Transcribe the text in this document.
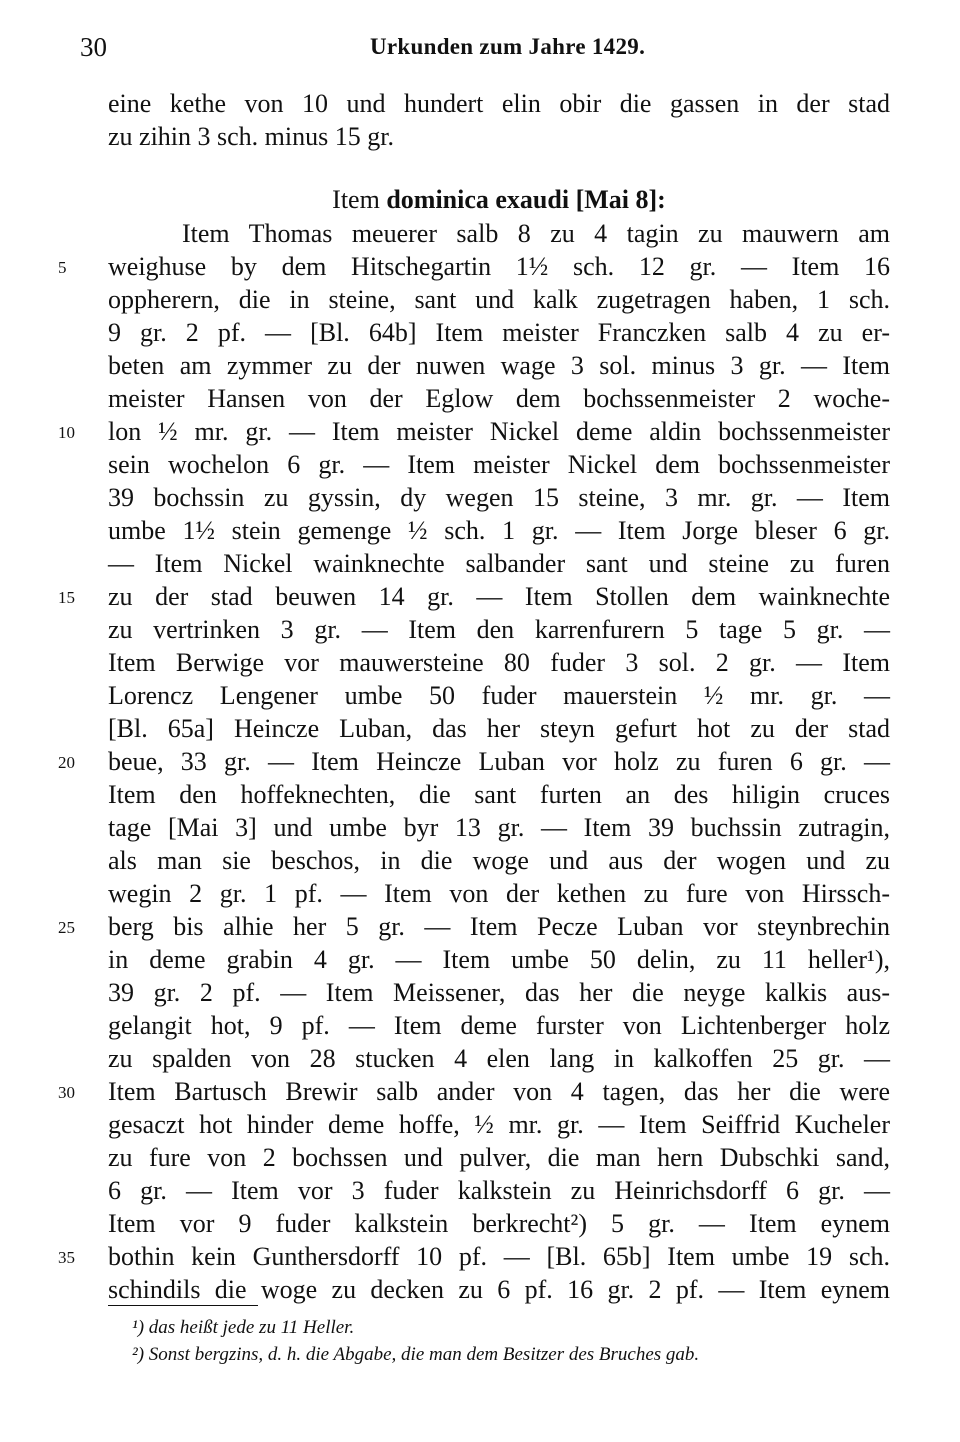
30	Urkunden zum Jahre 1429.
eine kethe von 10 und hundert elin obir die gassen in der stad
zu zihin 3 sch. minus 15 gr.
Item dominica exaudi [Mai 8]:
Item Thomas meuerer salb 8 zu 4 tagin zu mauwern am
weighuse by dem Hitschegartin 1½ sch. 12 gr. — Item 16
oppherern, die in steine, sant und kalk zugetragen haben, 1 sch.
9 gr. 2 pf. — [Bl. 64b] Item meister Franczken salb 4 zu er-
beten am zymmer zu der nuwen wage 3 sol. minus 3 gr. — Item
meister Hansen von der Eglow dem bochssenmeister 2 woche-
lon ½ mr. gr. — Item meister Nickel deme aldin bochssenmeister
sein wochelon 6 gr. — Item meister Nickel dem bochssenmeister
39 bochssin zu gyssin, dy wegen 15 steine, 3 mr. gr. — Item
umbe 1½ stein gemenge ½ sch. 1 gr. — Item Jorge bleser 6 gr.
— Item Nickel wainknechte salbander sant und steine zu furen
zu der stad beuwen 14 gr. — Item Stollen dem wainknechte
zu vertrinken 3 gr. — Item den karrenfurern 5 tage 5 gr. —
Item Berwige vor mauwersteine 80 fuder 3 sol. 2 gr. — Item
Lorencz Lengener umbe 50 fuder mauerstein ½ mr. gr. —
[Bl. 65a] Heincze Luban, das her steyn gefurt hot zu der stad
beue, 33 gr. — Item Heincze Luban vor holz zu furen 6 gr. —
Item den hoffeknechten, die sant furten an des hiligin cruces
tage [Mai 3] und umbe byr 13 gr. — Item 39 buchssin zutragin,
als man sie beschos, in die woge und aus der wogen und zu
wegin 2 gr. 1 pf. — Item von der kethen zu fure von Hirssch-
berg bis alhie her 5 gr. — Item Pecze Luban vor steynbrechin
in deme grabin 4 gr. — Item umbe 50 delin, zu 11 heller¹),
39 gr. 2 pf. — Item Meissener, das her die neyge kalkis aus-
gelangit hot, 9 pf. — Item deme furster von Lichtenberger holz
zu spalden von 28 stucken 4 elen lang in kalkoffen 25 gr. —
Item Bartusch Brewir salb ander von 4 tagen, das her die were
gesaczt hot hinder deme hoffe, ½ mr. gr. — Item Seiffrid Kucheler
zu fure von 2 bochssen und pulver, die man hern Dubschki sand,
6 gr. — Item vor 3 fuder kalkstein zu Heinrichsdorff 6 gr. —
Item vor 9 fuder kalkstein berkrecht²) 5 gr. — Item eynem
bothin kein Gunthersdorff 10 pf. — [Bl. 65b] Item umbe 19 sch.
schindils die woge zu decken zu 6 pf. 16 gr. 2 pf. — Item eynem
5
10
15
20
25
30
35
¹) das heißt jede zu 11 Heller.
²) Sonst bergzins, d. h. die Abgabe, die man dem Besitzer des Bruches gab.
